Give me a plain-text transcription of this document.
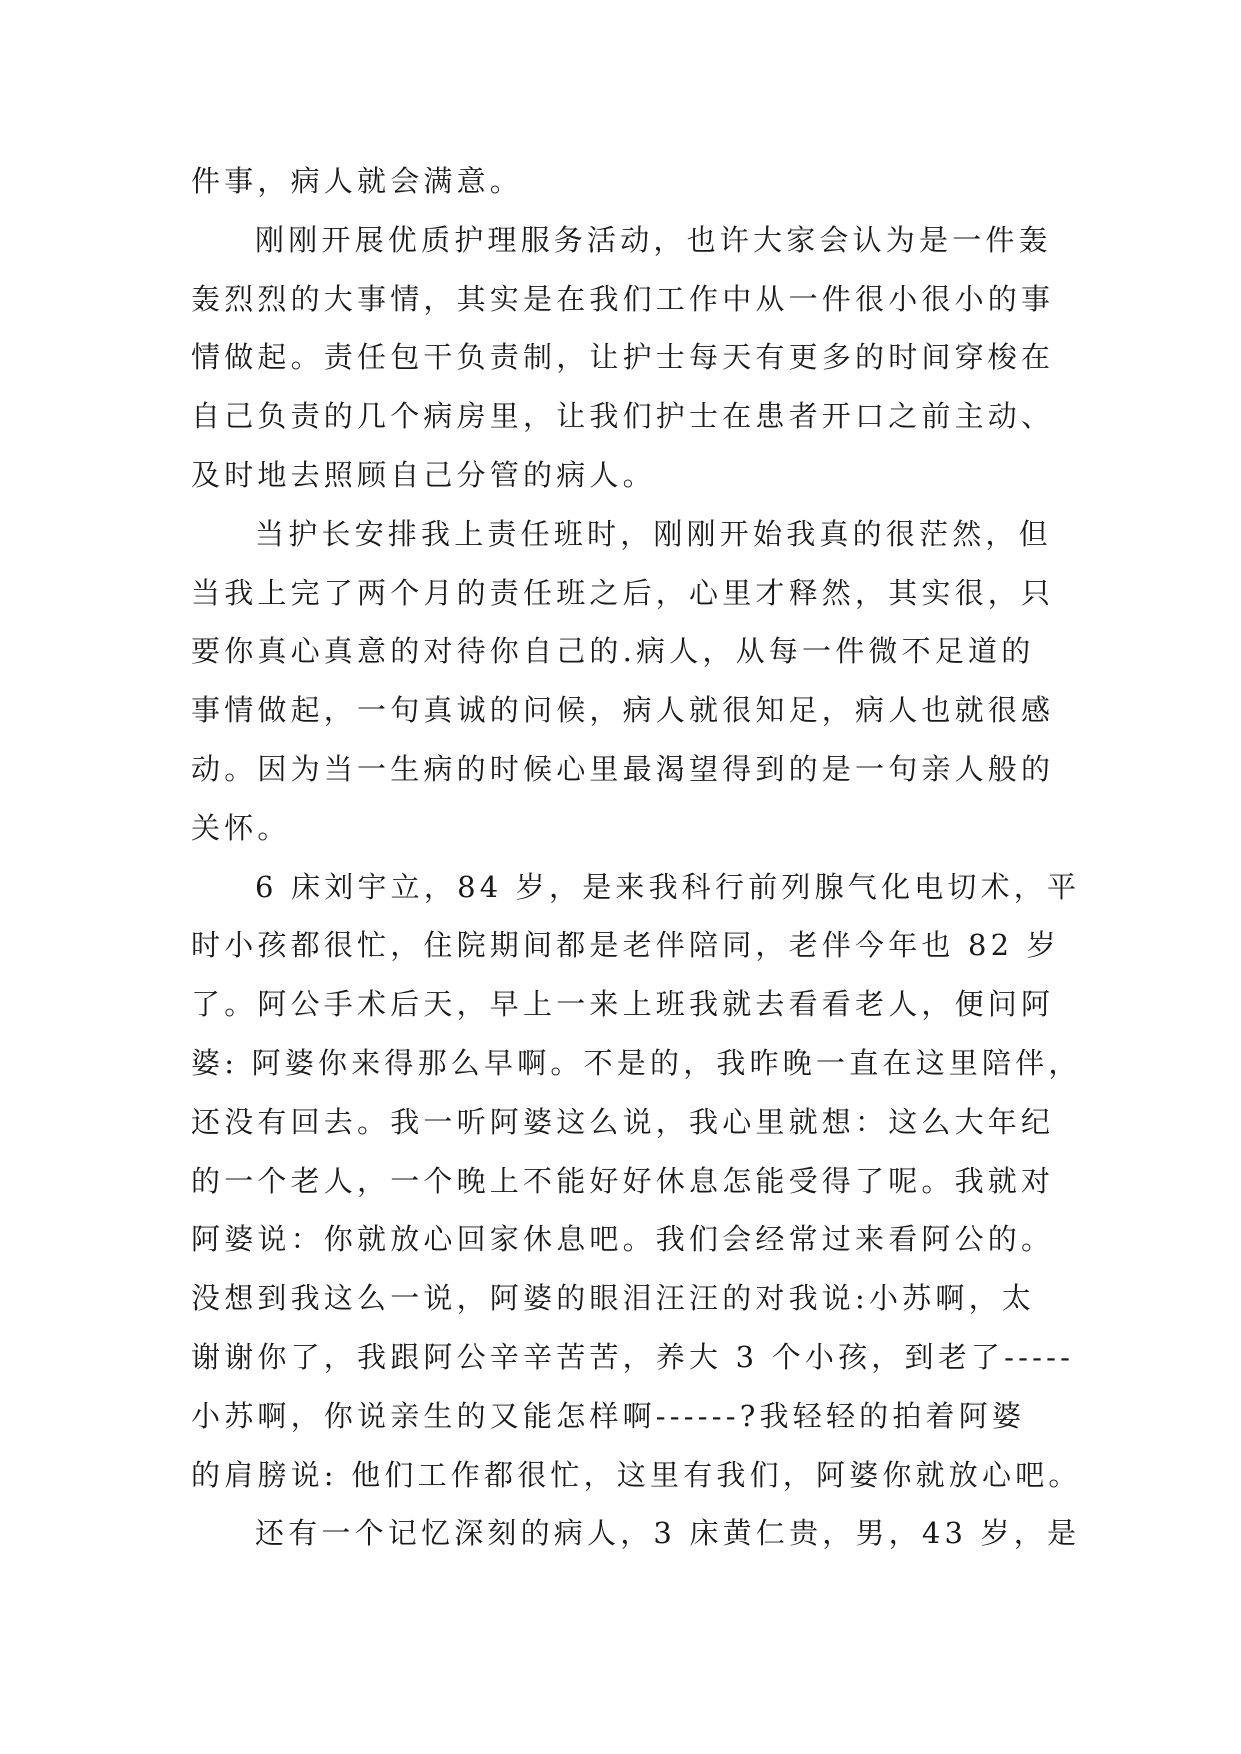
件事，病人就会满意。
刚刚开展优质护理服务活动，也许大家会认为是一件轰
轰烈烈的大事情，其实是在我们工作中从一件很小很小的事
情做起。责任包干负责制，让护士每天有更多的时间穿梭在
自己负责的几个病房里，让我们护士在患者开口之前主动、
及时地去照顾自己分管的病人。
当护长安排我上责任班时，刚刚开始我真的很茫然，但
当我上完了两个月的责任班之后，心里才释然，其实很，只
要你真心真意的对待你自己的.病人，从每一件微不足道的
事情做起，一句真诚的问候，病人就很知足，病人也就很感
动。因为当一生病的时候心里最渴望得到的是一句亲人般的
关怀。
6 床刘宇立，84 岁，是来我科行前列腺气化电切术，平
时小孩都很忙，住院期间都是老伴陪同，老伴今年也 82 岁
了。阿公手术后天，早上一来上班我就去看看老人，便问阿
婆: 阿婆你来得那么早啊。不是的，我昨晚一直在这里陪伴，
还没有回去。我一听阿婆这么说，我心里就想：这么大年纪
的一个老人，一个晚上不能好好休息怎能受得了呢。我就对
阿婆说：你就放心回家休息吧。我们会经常过来看阿公的。
没想到我这么一说，阿婆的眼泪汪汪的对我说:小苏啊，太
谢谢你了，我跟阿公辛辛苦苦，养大 3 个小孩，到老了-----
小苏啊，你说亲生的又能怎样啊------?我轻轻的拍着阿婆
的肩膀说: 他们工作都很忙，这里有我们，阿婆你就放心吧。
还有一个记忆深刻的病人，3 床黄仁贵，男，43 岁，是
